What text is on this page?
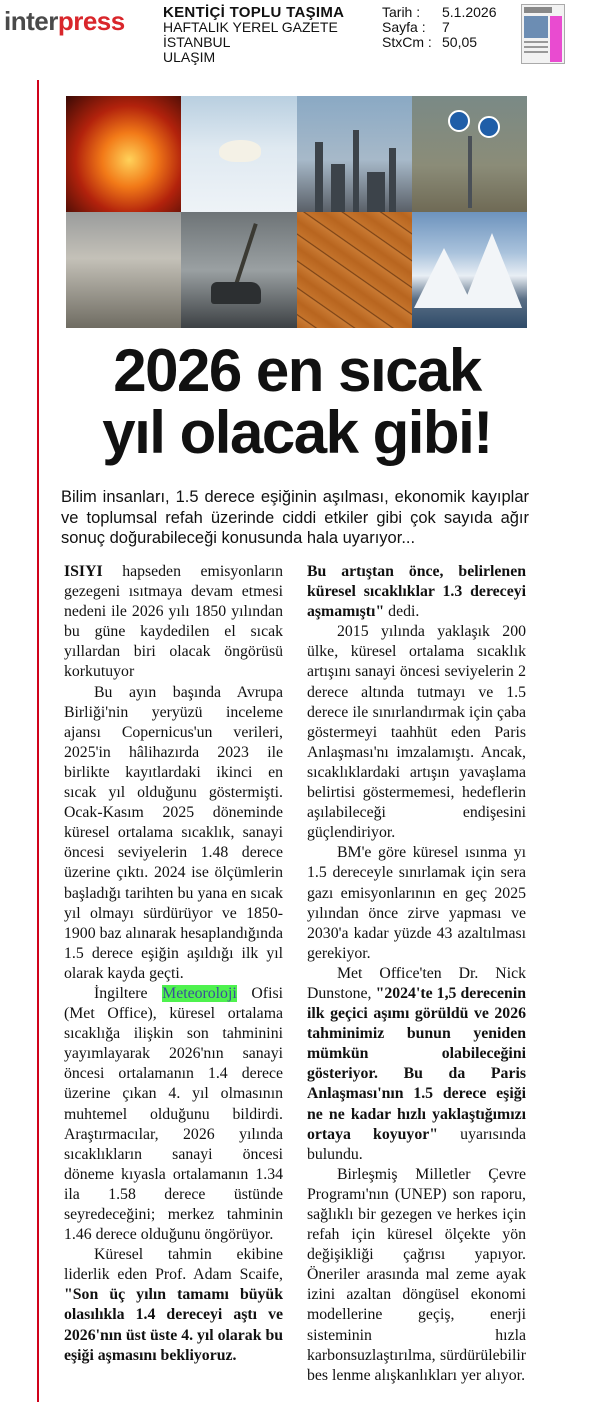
interpress	KENTİÇİ TOPLU TAŞIMA
HAFTALIK YEREL GAZETE
İSTANBUL
ULAŞIM
Tarih : 5.1.2026
Sayfa : 7
StxCm : 50,05
2026 en sıcak
yıl olacak gibi!
Bilim insanları, 1.5 derece eşiğinin aşılması, ekonomik kayıplar ve toplumsal refah üzerinde ciddi etkiler gibi çok sayıda ağır sonuç doğurabileceği konusunda hala uyarıyor...

ISIYI hapseden emisyonların gezegeni ısıtmaya devam etmesi nedeni ile 2026 yılı 1850 yılından bu güne kaydedilen el sıcak yıllardan biri olacak öngörüsü korkutuyor

Bu ayın başında Avrupa Birliği'nin yeryüzü inceleme ajansı Copernicus'un verileri, 2025'in hâlihazırda 2023 ile birlikte kayıtlardaki ikinci en sıcak yıl olduğunu göstermişti. Ocak-Kasım 2025 döneminde küresel ortalama sıcaklık, sanayi öncesi seviyelerin 1.48 derece üzerine çıktı. 2024 ise ölçümlerin başladığı tarihten bu yana en sıcak yıl olmayı sürdürüyor ve 1850-1900 baz alınarak hesaplandığında 1.5 derece eşiğin aşıldığı ilk yıl olarak kayda geçti.

İngiltere Meteoroloji Ofisi (Met Office), küresel ortalama sıcaklığa ilişkin son tahminini yayımlayarak 2026'nın sanayi öncesi ortalamanın 1.4 derece üzerine çıkan 4. yıl olmasının muhtemel olduğunu bildirdi. Araştırmacılar, 2026 yılında sıcaklıkların sanayi öncesi döneme kıyasla ortalamanın 1.34 ila 1.58 derece üstünde seyredeceğini; merkez tahminin 1.46 derece olduğunu öngörüyor.

Küresel tahmin ekibine liderlik eden Prof. Adam Scaife, "Son üç yılın tamamı büyük olasılıkla 1.4 dereceyi aştı ve 2026'nın üst üste 4. yıl olarak bu eşiği aşmasını bekliyoruz.

Bu artıştan önce, belirlenen küresel sıcaklıklar 1.3 dereceyi aşmamıştı" dedi.

2015 yılında yaklaşık 200 ülke, küresel ortalama sıcaklık artışını sanayi öncesi seviyelerin 2 derece altında tutmayı ve 1.5 derece ile sınırlandırmak için çaba göstermeyi taahhüt eden Paris Anlaşması'nı imzalamıştı. Ancak, sıcaklıklardaki artışın yavaşlama belirtisi göstermemesi, hedeflerin aşılabileceği endişesini güçlendiriyor.

BM'e göre küresel ısınma yı 1.5 dereceyle sınırlamak için sera gazı emisyonlarının en geç 2025 yılından önce zirve yapması ve 2030'a kadar yüzde 43 azaltılması gerekiyor.

Met Office'ten Dr. Nick Dunstone, "2024'te 1,5 derecenin ilk geçici aşımı görüldü ve 2026 tahminimiz bunun yeniden mümkün olabileceğini gösteriyor. Bu da Paris Anlaşması'nın 1.5 derece eşiği ne ne kadar hızlı yaklaştığımızı ortaya koyuyor" uyarısında bulundu.

Birleşmiş Milletler Çevre Programı'nın (UNEP) son raporu, sağlıklı bir gezegen ve herkes için refah için küresel ölçekte yön değişikliği çağrısı yapıyor. Öneriler arasında mal zeme ayak izini azaltan döngüsel ekonomi modellerine geçiş, enerji sisteminin hızla karbonsuzlaştırılma, sürdürülebilir bes lenme alışkanlıkları yer alıyor.
